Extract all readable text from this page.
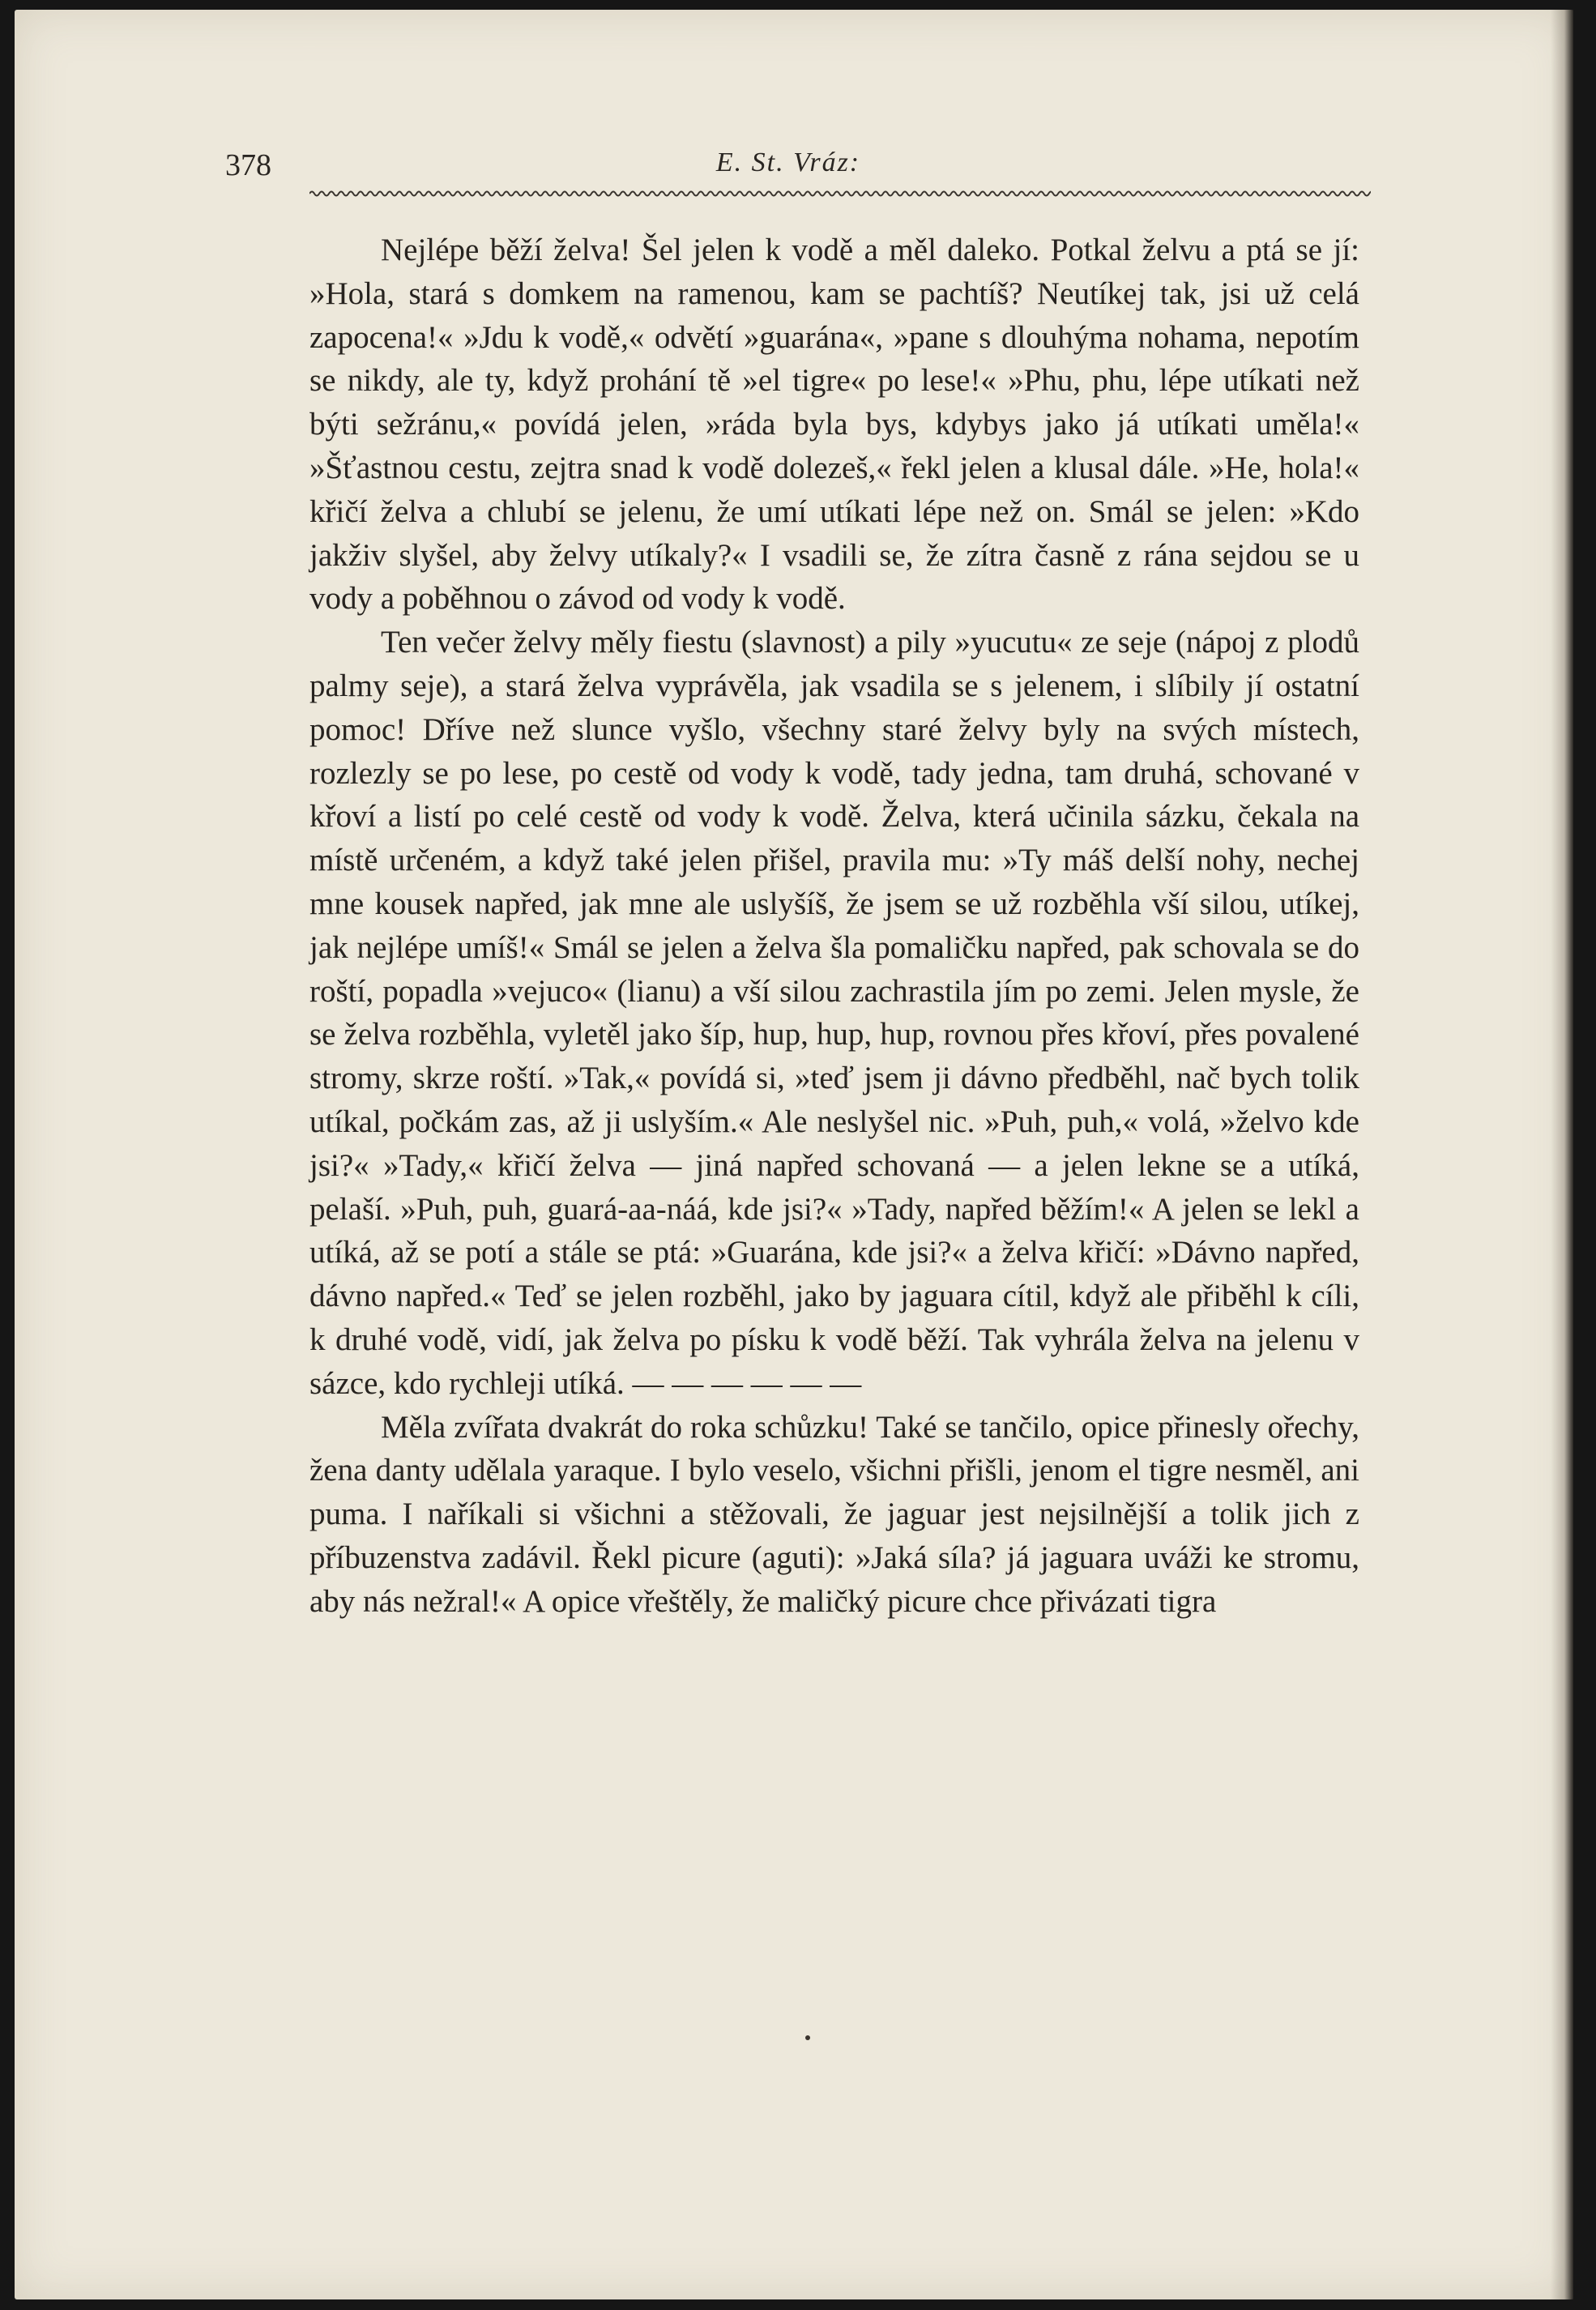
378	E. St. Vráz:

Nejlépe běží želva! Šel jelen k vodě a měl daleko. Potkal želvu a ptá se jí: »Hola, stará s domkem na ramenou, kam se pachtíš? Neutíkej tak, jsi už celá zapocena!« »Jdu k vodě,« odvětí »guarána«, »pane s dlouhýma nohama, nepotím se nikdy, ale ty, když prohání tě »el tigre« po lese!« »Phu, phu, lépe utíkati než býti sežránu,« povídá jelen, »ráda byla bys, kdybys jako já utíkati uměla!« »Šťastnou cestu, zejtra snad k vodě dolezeš,« řekl jelen a klusal dále. »He, hola!« křičí želva a chlubí se jelenu, že umí utíkati lépe než on. Smál se jelen: »Kdo jakživ slyšel, aby želvy utíkaly?« I vsadili se, že zítra časně z rána sejdou se u vody a poběhnou o závod od vody k vodě.

Ten večer želvy měly fiestu (slavnost) a pily »yucutu« ze seje (nápoj z plodů palmy seje), a stará želva vyprávěla, jak vsadila se s jelenem, i slíbily jí ostatní pomoc! Dříve než slunce vyšlo, všechny staré želvy byly na svých místech, rozlezly se po lese, po cestě od vody k vodě, tady jedna, tam druhá, schované v křoví a listí po celé cestě od vody k vodě. Želva, která učinila sázku, čekala na místě určeném, a když také jelen přišel, pravila mu: »Ty máš delší nohy, nechej mne kousek napřed, jak mne ale uslyšíš, že jsem se už rozběhla vší silou, utíkej, jak nejlépe umíš!« Smál se jelen a želva šla pomaličku napřed, pak schovala se do roští, popadla »vejuco« (lianu) a vší silou zachrastila jím po zemi. Jelen mysle, že se želva rozběhla, vyletěl jako šíp, hup, hup, hup, rovnou přes křoví, přes povalené stromy, skrze roští. »Tak,« povídá si, »teď jsem ji dávno předběhl, nač bych tolik utíkal, počkám zas, až ji uslyším.« Ale neslyšel nic. »Puh, puh,« volá, »želvo kde jsi?« »Tady,« křičí želva — jiná napřed schovaná — a jelen lekne se a utíká, pelaší. »Puh, puh, guará-aa-náá, kde jsi?« »Tady, napřed běžím!« A jelen se lekl a utíká, až se potí a stále se ptá: »Guarána, kde jsi?« a želva křičí: »Dávno napřed, dávno napřed.« Teď se jelen rozběhl, jako by jaguara cítil, když ale přiběhl k cíli, k druhé vodě, vidí, jak želva po písku k vodě běží. Tak vyhrála želva na jelenu v sázce, kdo rychleji utíká. — — — — — —

Měla zvířata dvakrát do roka schůzku! Také se tančilo, opice přinesly ořechy, žena danty udělala yaraque. I bylo veselo, všichni přišli, jenom el tigre nesměl, ani puma. I naříkali si všichni a stěžovali, že jaguar jest nejsilnější a tolik jich z příbuzenstva zadávil. Řekl picure (aguti): »Jaká síla? já jaguara uváži ke stromu, aby nás nežral!« A opice vřeštěly, že maličký picure chce přivázati tigra
